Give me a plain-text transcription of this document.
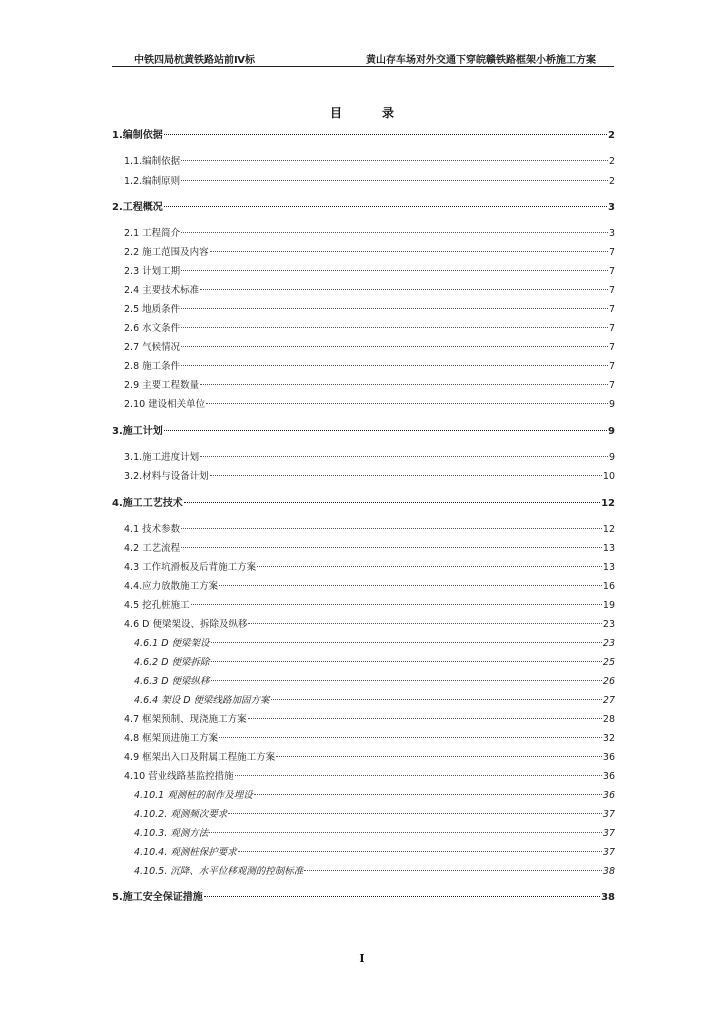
中铁四局杭黄铁路站前Ⅳ标	黄山存车场对外交通下穿皖赣铁路框架小桥施工方案
目　录
1.编制依据	2
1.1.编制依据	2
1.2.编制原则	2
2.工程概况	3
2.1 工程简介	3
2.2 施工范围及内容	7
2.3 计划工期	7
2.4 主要技术标准	7
2.5 地质条件	7
2.6 水文条件	7
2.7 气候情况	7
2.8 施工条件	7
2.9 主要工程数量	7
2.10 建设相关单位	9
3.施工计划	9
3.1.施工进度计划	9
3.2.材料与设备计划	10
4.施工工艺技术	12
4.1 技术参数	12
4.2 工艺流程	13
4.3 工作坑滑板及后背施工方案	13
4.4.应力放散施工方案	16
4.5 挖孔桩施工	19
4.6 D 便梁架设、拆除及纵移	23
4.6.1 D 便梁架设	23
4.6.2 D 便梁拆除	25
4.6.3 D 便梁纵移	26
4.6.4 架设 D 便梁线路加固方案	27
4.7 框架预制、现浇施工方案	28
4.8 框架顶进施工方案	32
4.9 框架出入口及附属工程施工方案	36
4.10 营业线路基监控措施	36
4.10.1 观测桩的制作及埋设	36
4.10.2. 观测频次要求	37
4.10.3. 观测方法	37
4.10.4. 观测桩保护要求	37
4.10.5. 沉降、水平位移观测的控制标准	38
5.施工安全保证措施	38
I
